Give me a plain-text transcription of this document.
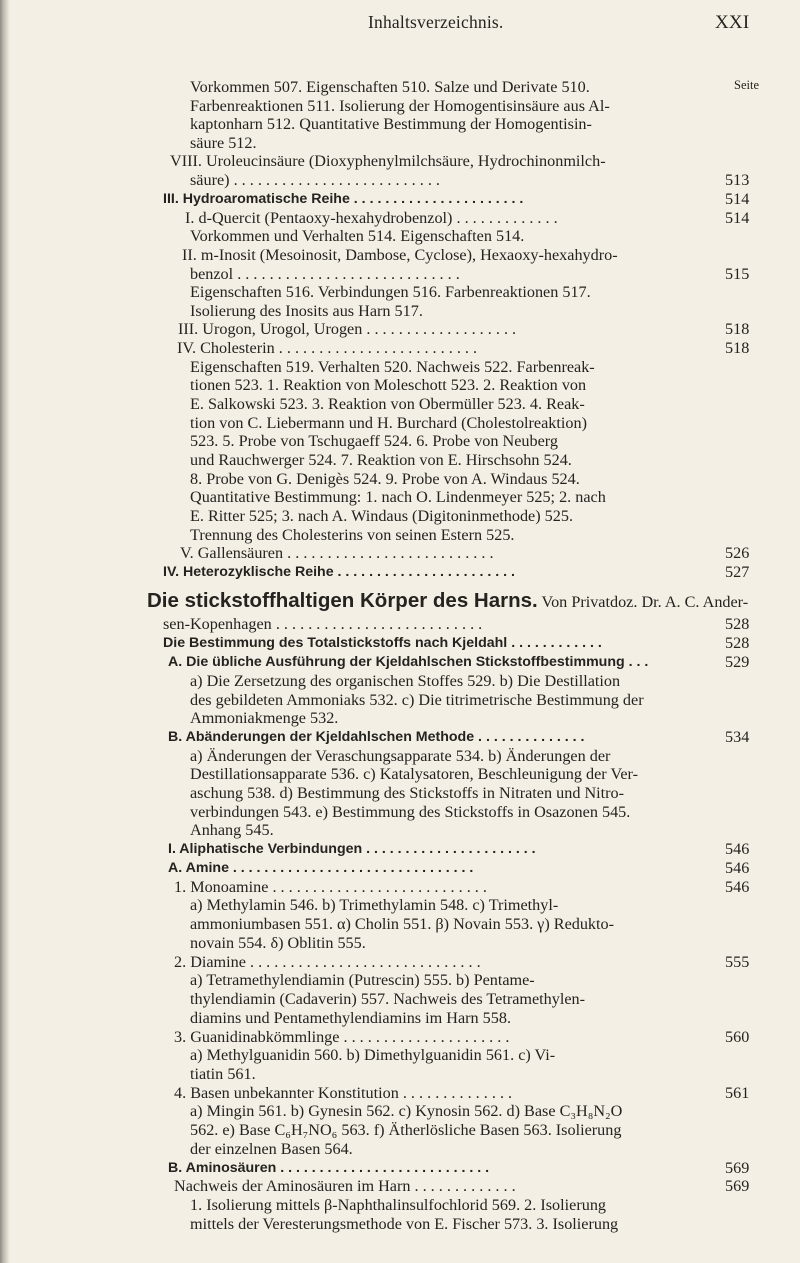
Inhaltsverzeichnis.	XXI
Seite
Vorkommen 507. Eigenschaften 510. Salze und Derivate 510.
Farbenreaktionen 511. Isolierung der Homogentisinsäure aus Al-
kaptonharn 512. Quantitative Bestimmung der Homogentisin-
säure 512.
VIII. Uroleucinsäure (Dioxyphenylmilchsäure, Hydrochinonmilch-
säure) . . . . . . . . . . . . . . . . . . . . . . . . . .
III. Hydroaromatische Reihe . . . . . . . . . . . . . . . . . . . . . .
I. d-Quercit (Pentaoxy-hexahydrobenzol) . . . . . . . . . . . . .
Vorkommen und Verhalten 514. Eigenschaften 514.
II. m-Inosit (Mesoinosit, Dambose, Cyclose), Hexaoxy-hexahydro-
benzol . . . . . . . . . . . . . . . . . . . . . . . . . . . .
Eigenschaften 516. Verbindungen 516. Farbenreaktionen 517.
Isolierung des Inosits aus Harn 517.
III. Urogon, Urogol, Urogen . . . . . . . . . . . . . . . . . . .
IV. Cholesterin . . . . . . . . . . . . . . . . . . . . . . . . .
Eigenschaften 519. Verhalten 520. Nachweis 522. Farbenreak-
tionen 523. 1. Reaktion von Moleschott 523. 2. Reaktion von
E. Salkowski 523. 3. Reaktion von Obermüller 523. 4. Reak-
tion von C. Liebermann und H. Burchard (Cholestolreaktion)
523. 5. Probe von Tschugaeff 524. 6. Probe von Neuberg
und Rauchwerger 524. 7. Reaktion von E. Hirschsohn 524.
8. Probe von G. Denigès 524. 9. Probe von A. Windaus 524.
Quantitative Bestimmung: 1. nach O. Lindenmeyer 525; 2. nach
E. Ritter 525; 3. nach A. Windaus (Digitoninmethode) 525.
Trennung des Cholesterins von seinen Estern 525.
V. Gallensäuren . . . . . . . . . . . . . . . . . . . . . . . . . .
IV. Heterozyklische Reihe . . . . . . . . . . . . . . . . . . . . . . .
Die stickstoffhaltigen Körper des Harns. Von Privatdoz. Dr. A. C. Ander-
sen-Kopenhagen . . . . . . . . . . . . . . . . . . . . . . . . . .
Die Bestimmung des Totalstickstoffs nach Kjeldahl . . . . . . . . . . . .
A. Die übliche Ausführung der Kjeldahlschen Stickstoffbestimmung . . .
a) Die Zersetzung des organischen Stoffes 529. b) Die Destillation
des gebildeten Ammoniaks 532. c) Die titrimetrische Bestimmung der
Ammoniakmenge 532.
B. Abänderungen der Kjeldahlschen Methode . . . . . . . . . . . . . .
a) Änderungen der Veraschungsapparate 534. b) Änderungen der
Destillationsapparate 536. c) Katalysatoren, Beschleunigung der Ver-
aschung 538. d) Bestimmung des Stickstoffs in Nitraten und Nitro-
verbindungen 543. e) Bestimmung des Stickstoffs in Osazonen 545.
Anhang 545.
I. Aliphatische Verbindungen . . . . . . . . . . . . . . . . . . . . . .
A. Amine . . . . . . . . . . . . . . . . . . . . . . . . . . . . . . .
1. Monoamine . . . . . . . . . . . . . . . . . . . . . . . . . . .
a) Methylamin 546. b) Trimethylamin 548. c) Trimethyl-
ammoniumbasen 551. α) Cholin 551. β) Novain 553. γ) Redukto-
novain 554. δ) Oblitin 555.
2. Diamine . . . . . . . . . . . . . . . . . . . . . . . . . . . . .
a) Tetramethylendiamin (Putrescin) 555. b) Pentame-
thylendiamin (Cadaverin) 557. Nachweis des Tetramethylen-
diamins und Pentamethylendiamins im Harn 558.
3. Guanidinabkömmlinge . . . . . . . . . . . . . . . . . . . . .
a) Methylguanidin 560. b) Dimethylguanidin 561. c) Vi-
tiatin 561.
4. Basen unbekannter Konstitution . . . . . . . . . . . . . .
a) Mingin 561. b) Gynesin 562. c) Kynosin 562. d) Base C₃H₈N₂O
562. e) Base C₆H₇NO₆ 563. f) Ätherlösliche Basen 563. Isolierung
der einzelnen Basen 564.
B. Aminosäuren . . . . . . . . . . . . . . . . . . . . . . . . . . .
Nachweis der Aminosäuren im Harn . . . . . . . . . . . . .
1. Isolierung mittels β-Naphthalinsulfochlorid 569. 2. Isolierung
mittels der Veresterungsmethode von E. Fischer 573. 3. Isolierung
513
514
514
515
518
518
526
527
528
528
529
534
546
546
546
555
560
561
569
569
